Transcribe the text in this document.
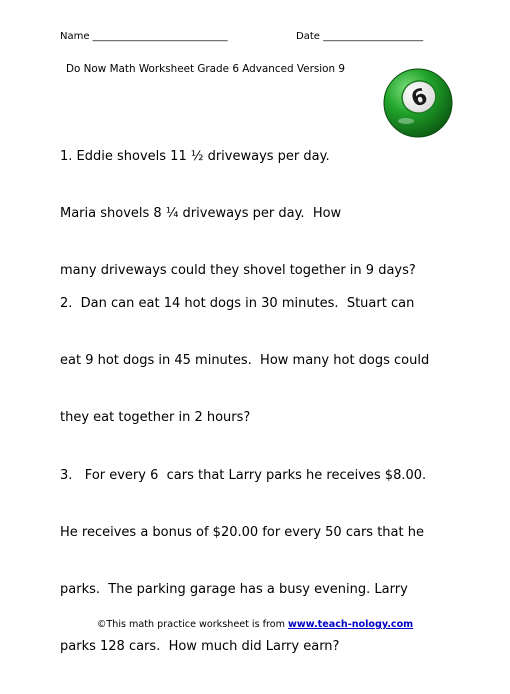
Name ___________________________	Date ____________________
Do Now Math Worksheet Grade 6 Advanced Version 9
6

1. Eddie shovels 11 ½ driveways per day.

Maria shovels 8 ¼ driveways per day.  How

many driveways could they shovel together in 9 days?

2.  Dan can eat 14 hot dogs in 30 minutes.  Stuart can

eat 9 hot dogs in 45 minutes.  How many hot dogs could

they eat together in 2 hours?

3.   For every 6  cars that Larry parks he receives $8.00.

He receives a bonus of $20.00 for every 50 cars that he

parks.  The parking garage has a busy evening. Larry

parks 128 cars.  How much did Larry earn?

©This math practice worksheet is from www.teach-nology.com
